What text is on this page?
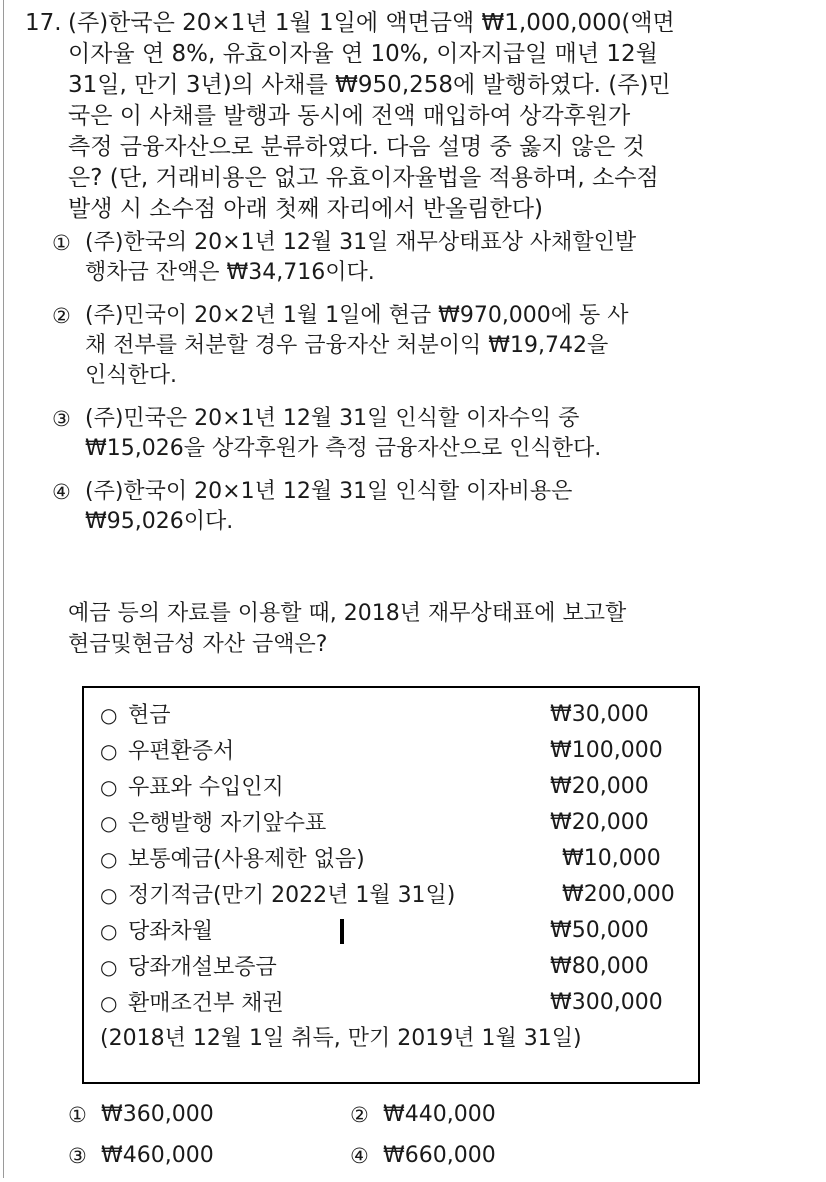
17. (주)한국은 20×1년 1월 1일에 액면금액 ₩1,000,000(액면
이자율 연 8%, 유효이자율 연 10%, 이자지급일 매년 12월
31일, 만기 3년)의 사채를 ₩950,258에 발행하였다. (주)민
국은 이 사채를 발행과 동시에 전액 매입하여 상각후원가
측정 금융자산으로 분류하였다. 다음 설명 중 옳지 않은 것
은? (단, 거래비용은 없고 유효이자율법을 적용하며, 소수점
발생 시 소수점 아래 첫째 자리에서 반올림한다)
① (주)한국의 20×1년 12월 31일 재무상태표상 사채할인발
행차금 잔액은 ₩34,716이다.
② (주)민국이 20×2년 1월 1일에 현금 ₩970,000에 동 사
채 전부를 처분할 경우 금융자산 처분이익 ₩19,742을
인식한다.
③ (주)민국은 20×1년 12월 31일 인식할 이자수익 중
₩15,026을 상각후원가 측정 금융자산으로 인식한다.
④ (주)한국이 20×1년 12월 31일 인식할 이자비용은
₩95,026이다.
예금 등의 자료를 이용할 때, 2018년 재무상태표에 보고할
현금및현금성 자산 금액은?
○ 현금	₩30,000
○ 우편환증서	₩100,000
○ 우표와 수입인지	₩20,000
○ 은행발행 자기앞수표	₩20,000
○ 보통예금(사용제한 없음)	₩10,000
○ 정기적금(만기 2022년 1월 31일)	₩200,000
○ 당좌차월	₩50,000
○ 당좌개설보증금	₩80,000
○ 환매조건부 채권	₩300,000
(2018년 12월 1일 취득, 만기 2019년 1월 31일)
① ₩360,000	② ₩440,000
③ ₩460,000	④ ₩660,000
